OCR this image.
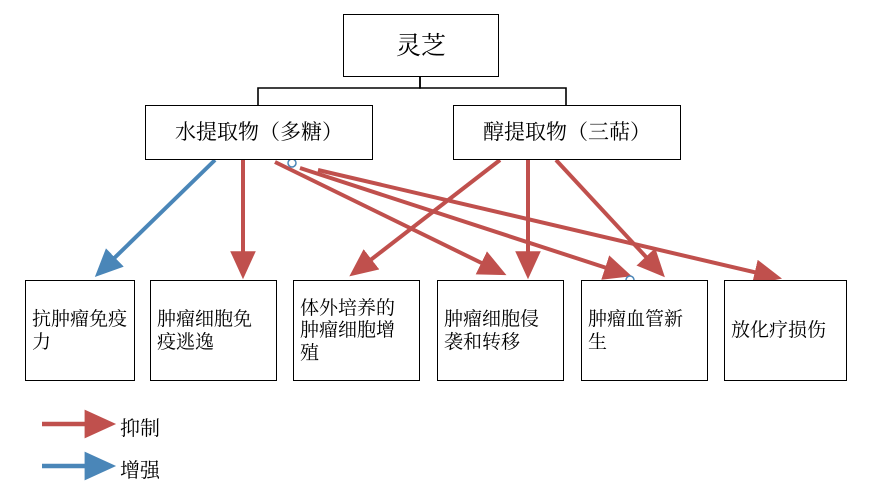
灵芝
水提取物（多糖）	醇提取物（三萜）
抗肿瘤免疫力
肿瘤细胞免疫逃逸
体外培养的肿瘤细胞增殖
肿瘤细胞侵袭和转移
肿瘤血管新生
放化疗损伤
抑制
增强
